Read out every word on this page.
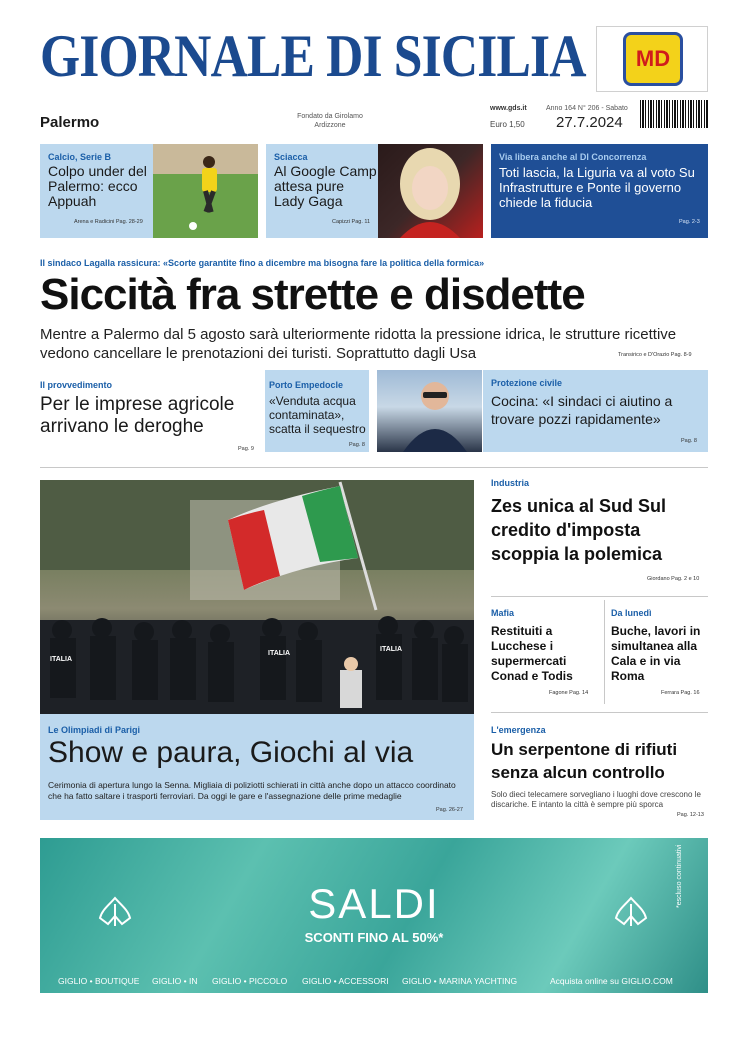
GIORNALE DI SICILIA	MD
Palermo	Fondato da Girolamo Ardizzone
www.gds.it
Euro 1,50
Anno 164 N° 206 - Sabato
27.7.2024
Calcio, Serie B
Colpo under del Palermo: ecco Appuah
Arena e Radicini Pag. 28-29
Sciacca
Al Google Camp attesa pure Lady Gaga
Capizzi Pag. 11
Via libera anche al Dl Concorrenza
Toti lascia, la Liguria va al voto Su Infrastrutture e Ponte il governo chiede la fiducia
Pag. 2-3
Il sindaco Lagalla rassicura: «Scorte garantite fino a dicembre ma bisogna fare la politica della formica»
Siccità fra strette e disdette
Mentre a Palermo dal 5 agosto sarà ulteriormente ridotta la pressione idrica, le strutture ricettive vedono cancellare le prenotazioni dei turisti. Soprattutto dagli Usa	Transirico e D'Orazio Pag. 8-9
Il provvedimento
Per le imprese agricole arrivano le deroghe
Pag. 9
Porto Empedocle
«Venduta acqua contaminata», scatta il sequestro
Pag. 8
Protezione civile
Cocina: «I sindaci ci aiutino a trovare pozzi rapidamente»
Pag. 8
ITALIA
ITALIA
ITALIA
Le Olimpiadi di Parigi
Show e paura, Giochi al via
Cerimonia di apertura lungo la Senna. Migliaia di poliziotti schierati in città anche dopo un attacco coordinato che ha fatto saltare i trasporti ferroviari. Da oggi le gare e l'assegnazione delle prime medaglie
Pag. 26-27
Industria
Zes unica al Sud Sul credito d'imposta scoppia la polemica
Giordano Pag. 2 e 10
Mafia
Restituiti a Lucchese i supermercati Conad e Todis
Fagone Pag. 14
Da lunedì
Buche, lavori in simultanea alla Cala e in via Roma
Ferrara Pag. 16
L'emergenza
Un serpentone di rifiuti senza alcun controllo
Solo dieci telecamere sorvegliano i luoghi dove crescono le discariche. E intanto la città è sempre più sporca
Pag. 12-13
SALDI
SCONTI FINO AL 50%*
*escluso continuativi
GIGLIO • BOUTIQUE GIGLIO • IN GIGLIO • PICCOLO GIGLIO • ACCESSORI GIGLIO • MARINA YACHTING	Acquista online su GIGLIO.COM
